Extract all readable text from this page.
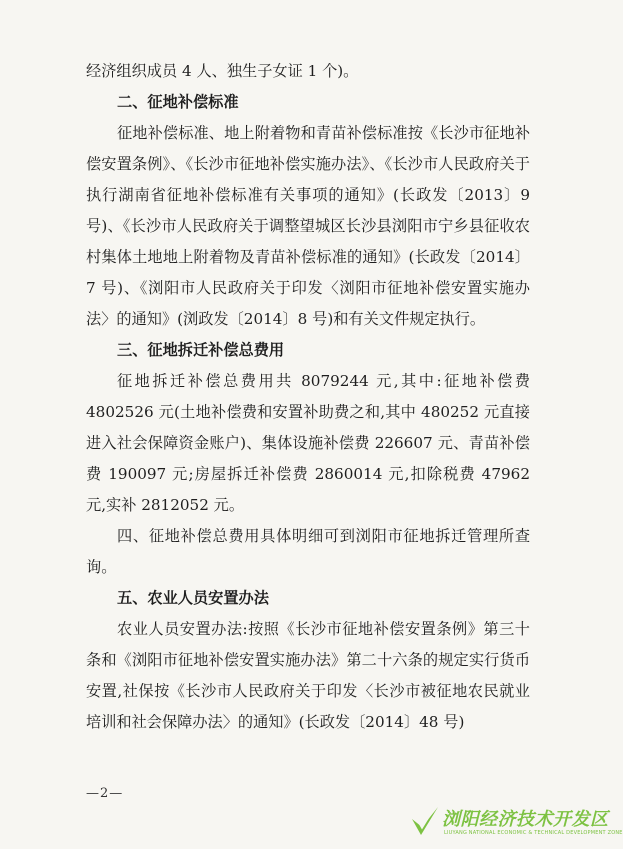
经济组织成员 4 人、独生子女证 1 个)。

二、征地补偿标准

征地补偿标准、地上附着物和青苗补偿标准按《长沙市征地补偿安置条例》、《长沙市征地补偿实施办法》、《长沙市人民政府关于执行湖南省征地补偿标准有关事项的通知》(长政发〔2013〕9 号)、《长沙市人民政府关于调整望城区长沙县浏阳市宁乡县征收农村集体土地地上附着物及青苗补偿标准的通知》(长政发〔2014〕7 号)、《浏阳市人民政府关于印发〈浏阳市征地补偿安置实施办法〉的通知》(浏政发〔2014〕8 号)和有关文件规定执行。

三、征地拆迁补偿总费用

征地拆迁补偿总费用共 8079244 元,其中:征地补偿费 4802526 元(土地补偿费和安置补助费之和,其中 480252 元直接进入社会保障资金账户)、集体设施补偿费 226607 元、青苗补偿费 190097 元;房屋拆迁补偿费 2860014 元,扣除税费 47962 元,实补 2812052 元。

四、征地补偿总费用具体明细可到浏阳市征地拆迁管理所查询。

五、农业人员安置办法

农业人员安置办法:按照《长沙市征地补偿安置条例》第三十条和《浏阳市征地补偿安置实施办法》第二十六条的规定实行货币安置,社保按《长沙市人民政府关于印发〈长沙市被征地农民就业培训和社会保障办法〉的通知》(长政发〔2014〕48 号)

—2—
浏阳经济技术开发区
LIUYANG NATIONAL ECONOMIC & TECHNICAL DEVELOPMENT ZONE
